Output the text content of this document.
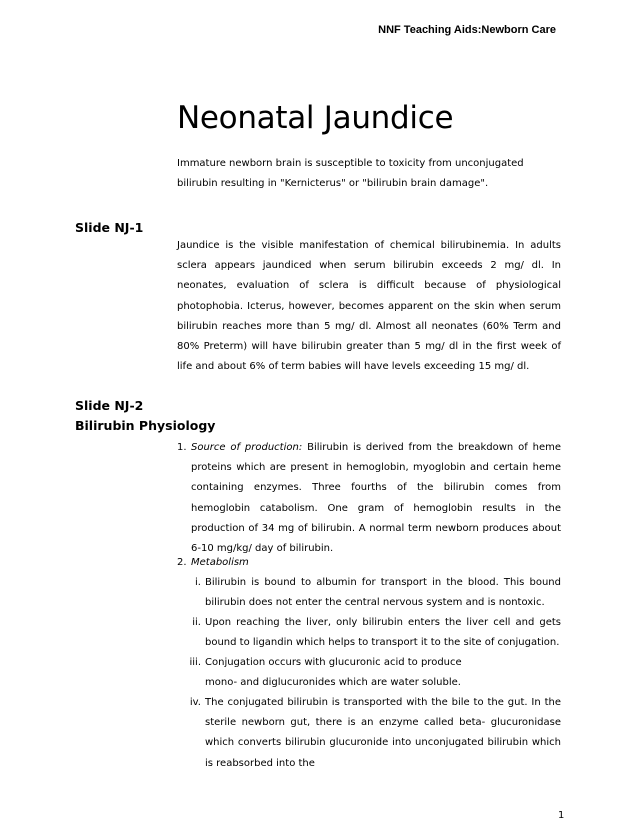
NNF Teaching Aids:Newborn Care
Neonatal Jaundice

Immature newborn brain is susceptible to toxicity from unconjugated bilirubin resulting in "Kernicterus" or "bilirubin brain damage".

Slide NJ-1

Jaundice is the visible manifestation of chemical bilirubinemia. In adults sclera appears jaundiced when serum bilirubin exceeds 2 mg/ dl. In neonates, evaluation of sclera is difficult because of physiological photophobia. Icterus, however, becomes apparent on the skin when serum bilirubin reaches more than 5 mg/ dl. Almost all neonates (60% Term and 80% Preterm) will have bilirubin greater than 5 mg/ dl in the first week of life and about 6% of term babies will have levels exceeding 15 mg/ dl.

Slide NJ-2
Bilirubin Physiology
1. Source of production: Bilirubin is derived from the breakdown of heme proteins which are present in hemoglobin, myoglobin and certain heme containing enzymes. Three fourths of the bilirubin comes from hemoglobin catabolism. One gram of hemoglobin results in the production of 34 mg of bilirubin. A normal term newborn produces about 6-10 mg/kg/ day of bilirubin.
2. Metabolism
i. Bilirubin is bound to albumin for transport in the blood. This bound bilirubin does not enter the central nervous system and is nontoxic.
ii. Upon reaching the liver, only bilirubin enters the liver cell and gets bound to ligandin which helps to transport it to the site of conjugation.
iii. Conjugation occurs with glucuronic acid to produce mono- and diglucuronides which are water soluble.
iv. The conjugated bilirubin is transported with the bile to the gut. In the sterile newborn gut, there is an enzyme called beta- glucuronidase which converts bilirubin glucuronide into unconjugated bilirubin which is reabsorbed into the
1
